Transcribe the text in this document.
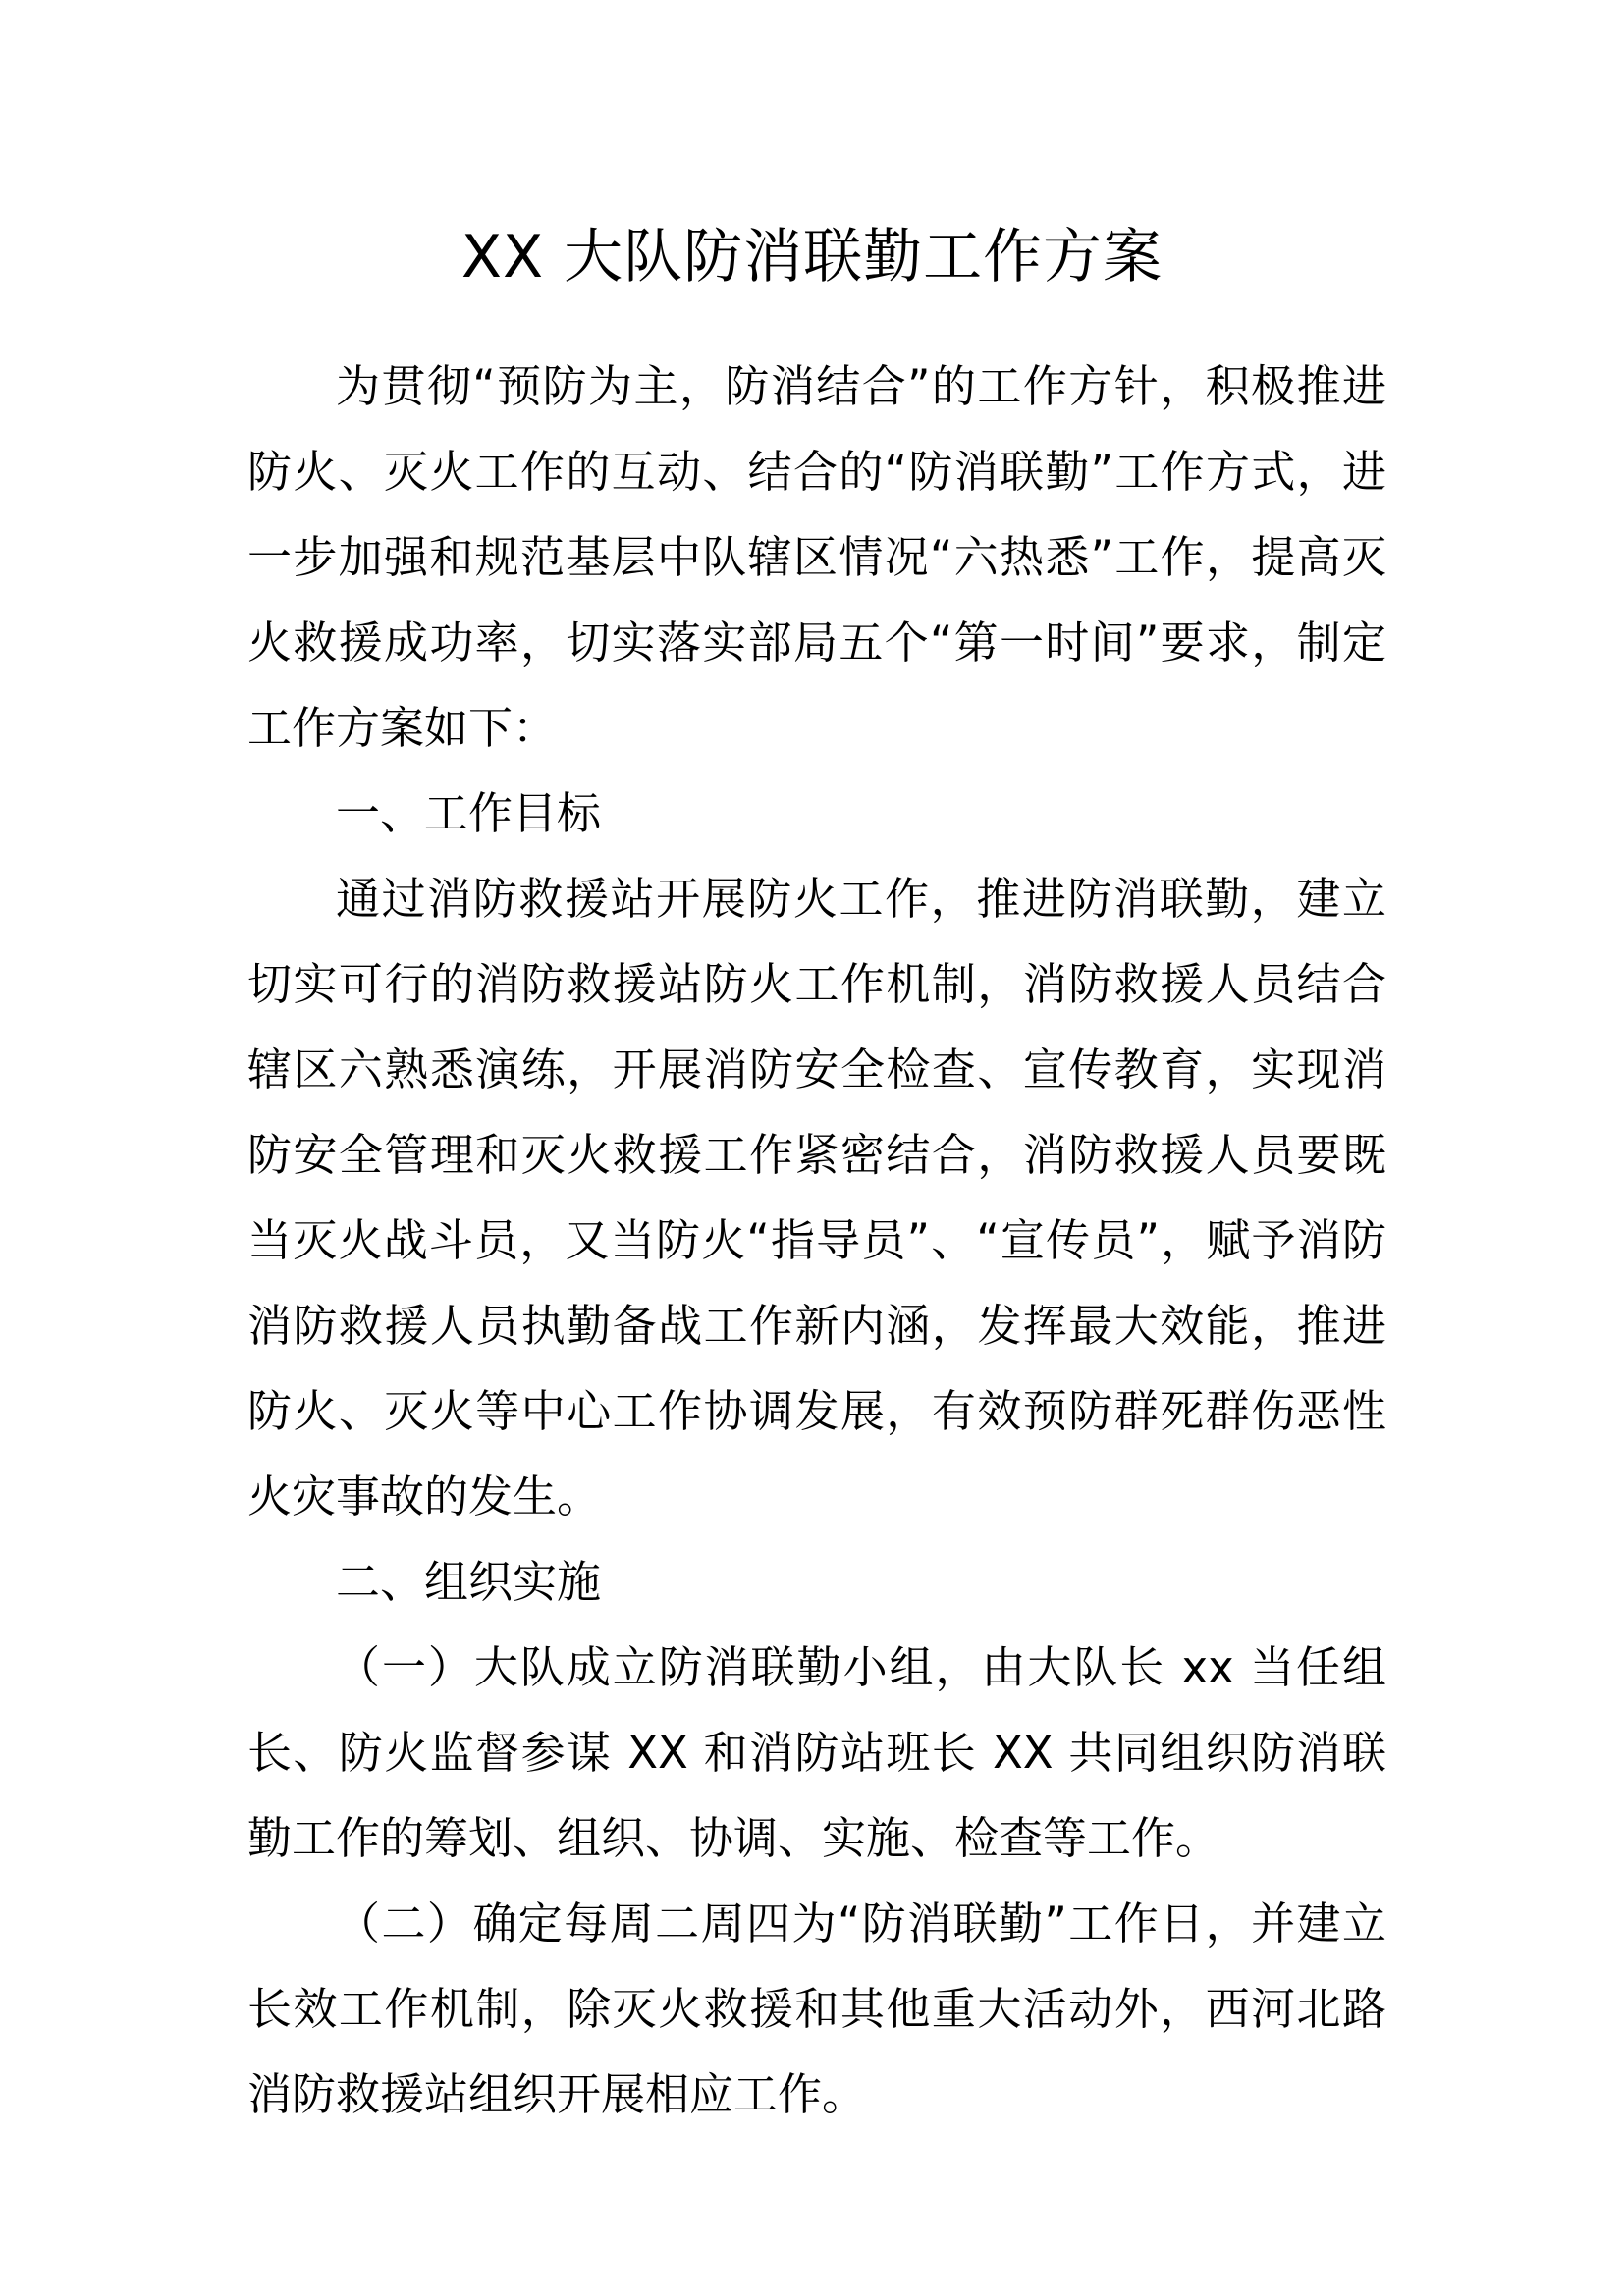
XX 大队防消联勤工作方案

为贯彻“预防为主，防消结合”的工作方针，积极推进防火、灭火工作的互动、结合的“防消联勤”工作方式，进一步加强和规范基层中队辖区情况“六热悉”工作，提高灭火救援成功率，切实落实部局五个“第一时间”要求，制定工作方案如下：

一、工作目标

通过消防救援站开展防火工作，推进防消联勤，建立切实可行的消防救援站防火工作机制，消防救援人员结合辖区六熟悉演练，开展消防安全检查、宣传教育，实现消防安全管理和灭火救援工作紧密结合，消防救援人员要既当灭火战斗员，又当防火“指导员”、“宣传员”，赋予消防消防救援人员执勤备战工作新内涵，发挥最大效能，推进防火、灭火等中心工作协调发展，有效预防群死群伤恶性火灾事故的发生。

二、组织实施

（一）大队成立防消联勤小组，由大队长 xx 当任组长、防火监督参谋 XX 和消防站班长 XX 共同组织防消联勤工作的筹划、组织、协调、实施、检查等工作。

（二）确定每周二周四为“防消联勤”工作日，并建立长效工作机制，除灭火救援和其他重大活动外，西河北路消防救援站组织开展相应工作。
